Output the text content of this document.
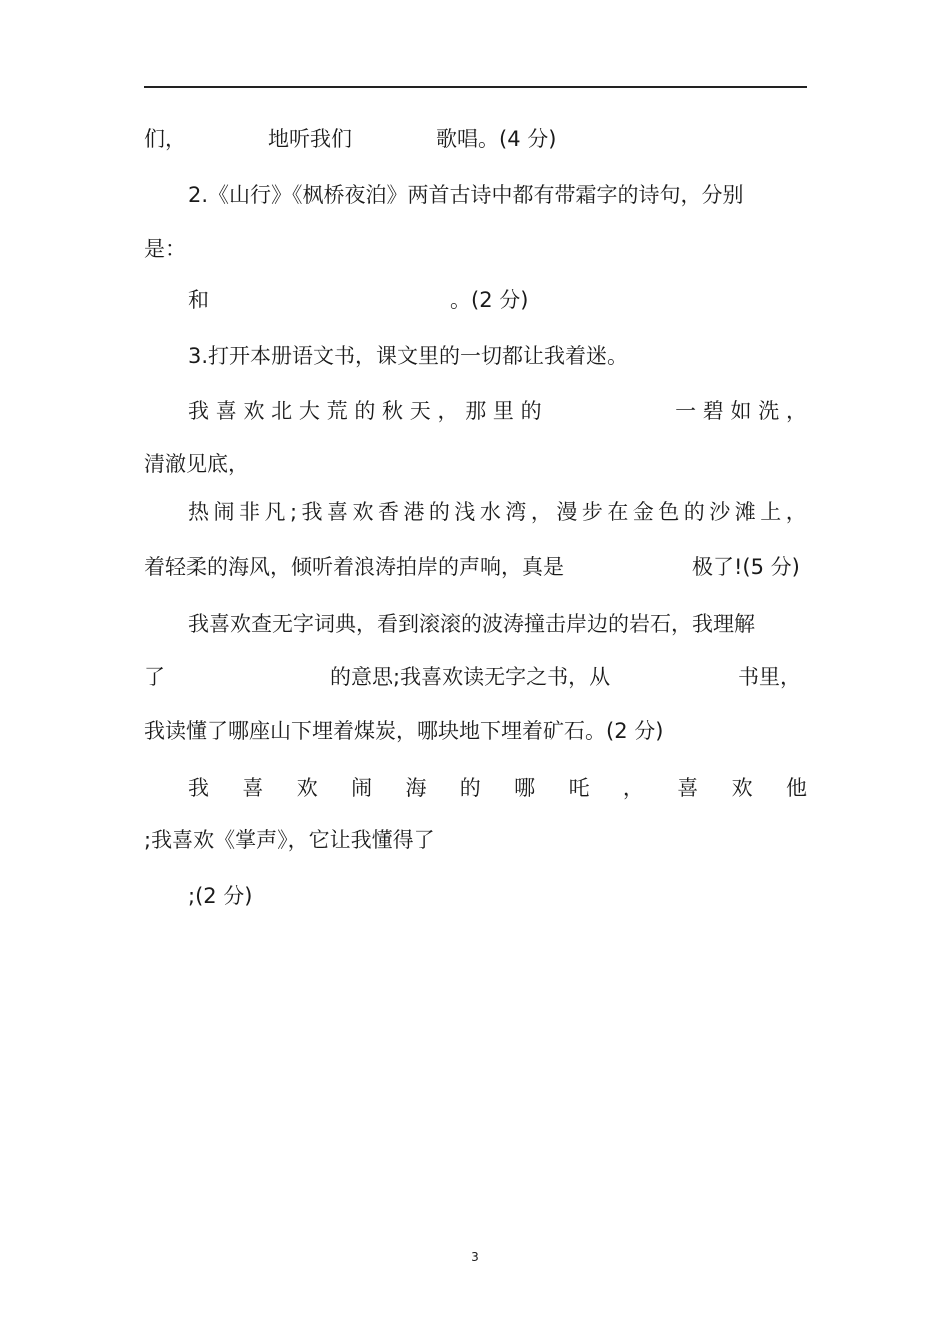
们，	地听我们	歌唱。(4 分)
2.《山行》《枫桥夜泊》两首古诗中都有带霜字的诗句，分别
是：
和	。(2 分)
3.打开本册语文书，课文里的一切都让我着迷。
我 喜 欢 北 大 荒 的 秋 天 ， 那 里 的	一 碧 如 洗 ，
清澈见底，
热 闹 非 凡 ; 我 喜 欢 香 港 的 浅 水 湾 ， 漫 步 在 金 色 的 沙 滩 上 ，
着轻柔的海风，倾听着浪涛拍岸的声响，真是	极了!(5 分)
我喜欢查无字词典，看到滚滚的波涛撞击岸边的岩石，我理解
了	的意思;我喜欢读无字之书，从	书里，
我读懂了哪座山下埋着煤炭，哪块地下埋着矿石。(2 分)
我 喜 欢 闹 海 的 哪 吒 ， 喜 欢 他
;我喜欢《掌声》，它让我懂得了
;(2 分)
3
